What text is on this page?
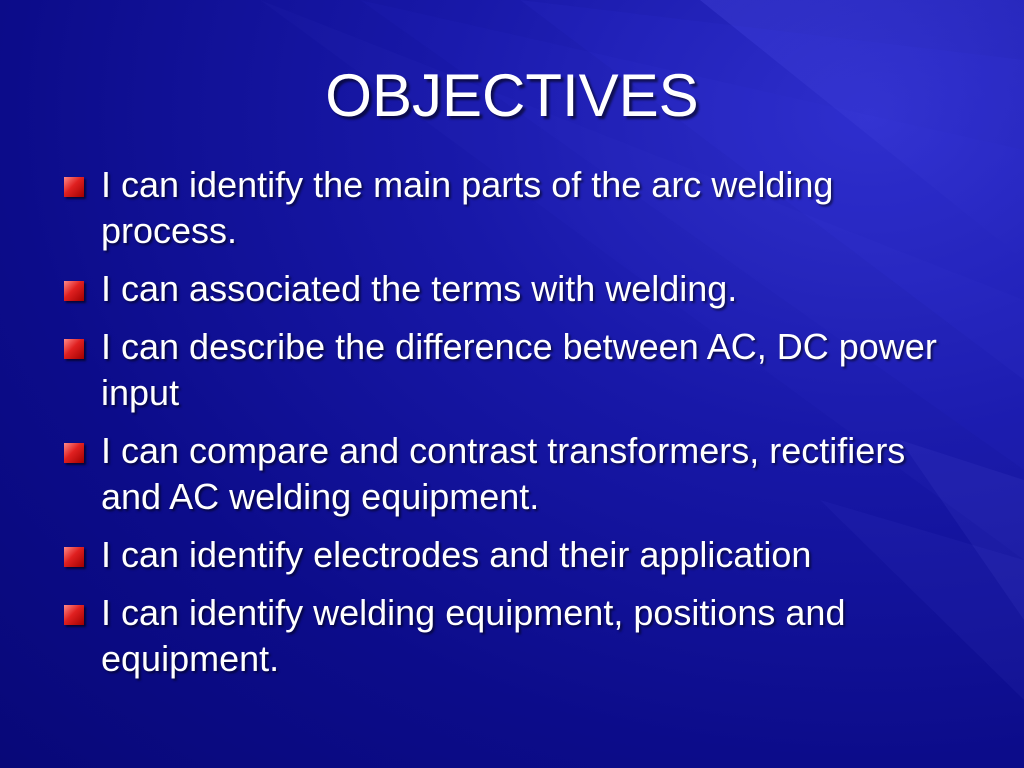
OBJECTIVES
I can identify the main parts of the arc welding process.
I can associated the terms with welding.
I can describe the difference between AC, DC power input
I can compare and contrast transformers, rectifiers and AC welding equipment.
I can identify electrodes and their application
I can identify welding equipment, positions and equipment.
